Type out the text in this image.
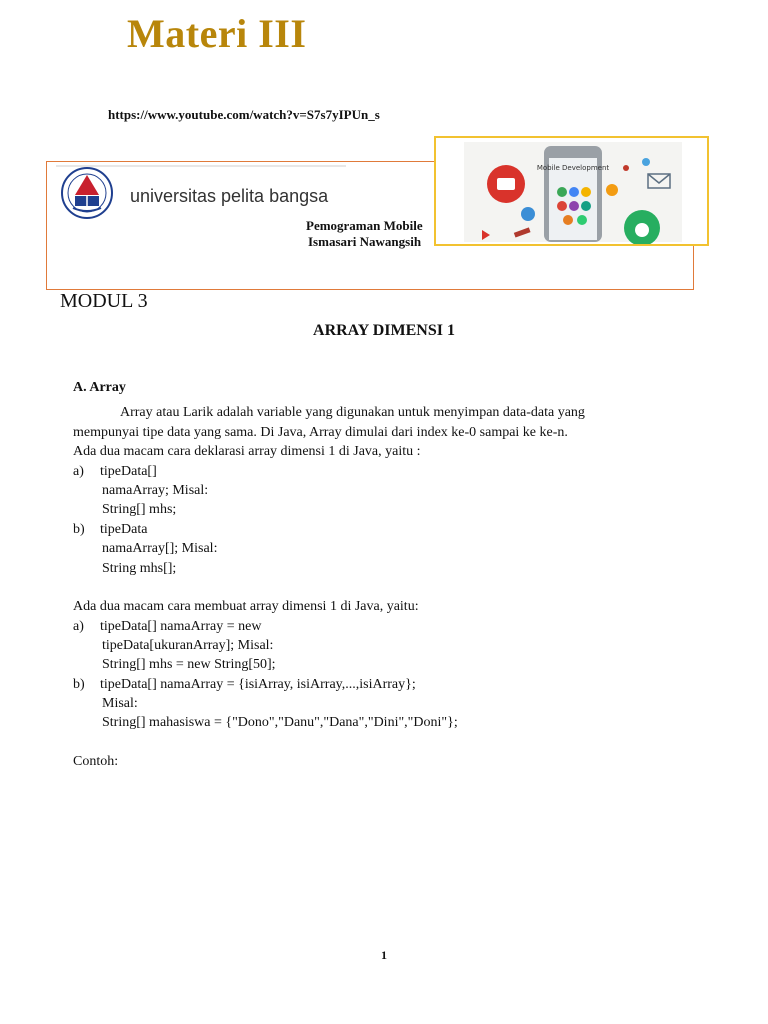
Materi III
https://www.youtube.com/watch?v=S7s7yIPUn_s
universitas pelita bangsa
Pemograman Mobile
Ismasari Nawangsih
Mobile Development
MODUL 3
ARRAY DIMENSI 1
A. Array
Array atau Larik adalah variable yang digunakan untuk menyimpan data-data yang
mempunyai tipe data yang sama. Di Java, Array dimulai dari index ke-0 sampai ke ke-n.
Ada dua macam cara deklarasi array dimensi 1 di Java, yaitu :
a) tipeData[]
namaArray; Misal:
String[] mhs;
b) tipeData
namaArray[]; Misal:
String mhs[];
Ada dua macam cara membuat array dimensi 1 di Java, yaitu:
a) tipeData[] namaArray = new
tipeData[ukuranArray]; Misal:
String[] mhs = new String[50];
b) tipeData[] namaArray = {isiArray, isiArray,...,isiArray};
Misal:
String[] mahasiswa = {"Dono","Danu","Dana","Dini","Doni"};
Contoh:
1
